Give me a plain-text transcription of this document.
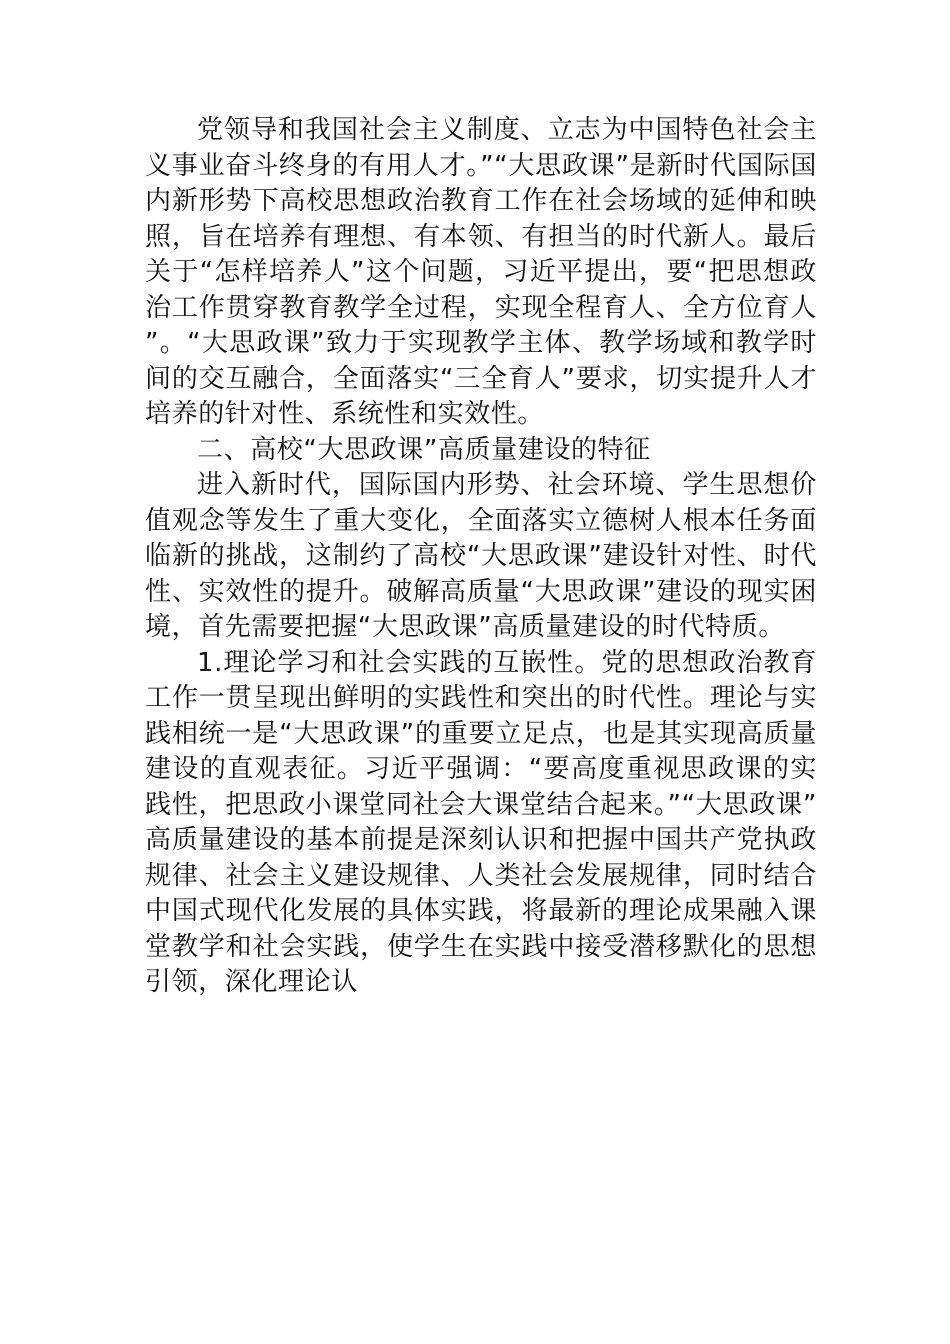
党领导和我国社会主义制度、立志为中国特色社会主义事业奋斗终身的有用人才。”“大思政课”是新时代国际国内新形势下高校思想政治教育工作在社会场域的延伸和映照，旨在培养有理想、有本领、有担当的时代新人。最后关于“怎样培养人”这个问题，习近平提出，要“把思想政治工作贯穿教育教学全过程，实现全程育人、全方位育人”。“大思政课”致力于实现教学主体、教学场域和教学时间的交互融合，全面落实“三全育人”要求，切实提升人才培养的针对性、系统性和实效性。

二、高校“大思政课”高质量建设的特征

进入新时代，国际国内形势、社会环境、学生思想价值观念等发生了重大变化，全面落实立德树人根本任务面临新的挑战，这制约了高校“大思政课”建设针对性、时代性、实效性的提升。破解高质量“大思政课”建设的现实困境，首先需要把握“大思政课”高质量建设的时代特质。

1.理论学习和社会实践的互嵌性。党的思想政治教育工作一贯呈现出鲜明的实践性和突出的时代性。理论与实践相统一是“大思政课”的重要立足点，也是其实现高质量建设的直观表征。习近平强调：“要高度重视思政课的实践性，把思政小课堂同社会大课堂结合起来。”“大思政课”高质量建设的基本前提是深刻认识和把握中国共产党执政规律、社会主义建设规律、人类社会发展规律，同时结合中国式现代化发展的具体实践，将最新的理论成果融入课堂教学和社会实践，使学生在实践中接受潜移默化的思想引领，深化理论认
